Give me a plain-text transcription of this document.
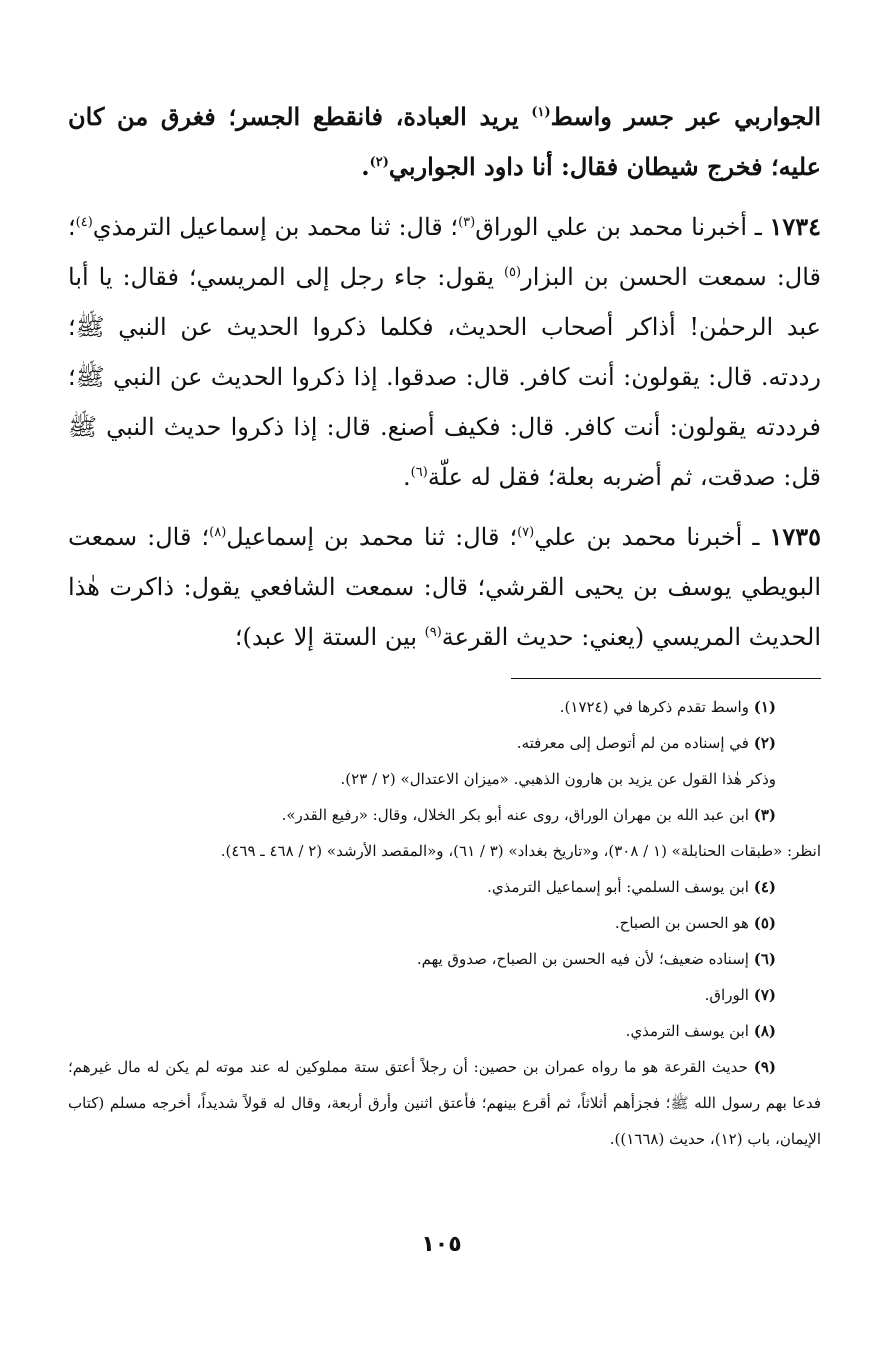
الجواربي عبر جسر واسط$^{(١)}$ يريد العبادة، فانقطع الجسر؛ فغرق من كان عليه؛ فخرج شيطان فقال: أنا داود الجواربي$^{(٢)}$.

١٧٣٤ ـ أخبرنا محمد بن علي الوراق$^{(٣)}$؛ قال: ثنا محمد بن إسماعيل الترمذي$^{(٤)}$؛ قال: سمعت الحسن بن البزار$^{(٥)}$ يقول: جاء رجل إلى المريسي؛ فقال: يا أبا عبد الرحمٰن! أذاكر أصحاب الحديث، فكلما ذكروا الحديث عن النبي ﷺ؛ رددته. قال: يقولون: أنت كافر. قال: صدقوا. إذا ذكروا الحديث عن النبي ﷺ؛ فرددته يقولون: أنت كافر. قال: فكيف أصنع. قال: إذا ذكروا حديث النبي ﷺ قل: صدقت، ثم أضربه بعلة؛ فقل له علّة$^{(٦)}$.

١٧٣٥ ـ أخبرنا محمد بن علي$^{(٧)}$؛ قال: ثنا محمد بن إسماعيل$^{(٨)}$؛ قال: سمعت البويطي يوسف بن يحيى القرشي؛ قال: سمعت الشافعي يقول: ذاكرت هٰذا الحديث المريسي (يعني: حديث القرعة$^{(٩)}$ بين الستة إلا عبد)؛

(١) واسط تقدم ذكرها في (١٧٢٤).

(٢) في إسناده من لم أتوصل إلى معرفته.

وذكر هٰذا القول عن يزيد بن هارون الذهبي. «ميزان الاعتدال» (٢ / ٢٣).

(٣) ابن عبد الله بن مهران الوراق، روى عنه أبو بكر الخلال، وقال: «رفيع القدر».

انظر: «طبقات الحنابلة» (١ / ٣٠٨)، و«تاريخ بغداد» (٣ / ٦١)، و«المقصد الأرشد» (٢ / ٤٦٨ ـ ٤٦٩).

(٤) ابن يوسف السلمي: أبو إسماعيل الترمذي.

(٥) هو الحسن بن الصباح.

(٦) إسناده ضعيف؛ لأن فيه الحسن بن الصباح، صدوق يهم.

(٧) الوراق.

(٨) ابن يوسف الترمذي.

(٩) حديث القرعة هو ما رواه عمران بن حصين: أن رجلاً أعتق ستة مملوكين له عند موته لم يكن له مال غيرهم؛ فدعا بهم رسول الله ﷺ؛ فجزأهم أثلاثاً، ثم أقرع بينهم؛ فأعتق اثنين وأرق أربعة، وقال له قولاً شديداً، أخرجه مسلم (كتاب الإيمان، باب (١٢)، حديث (١٦٦٨)).

١٠٥
